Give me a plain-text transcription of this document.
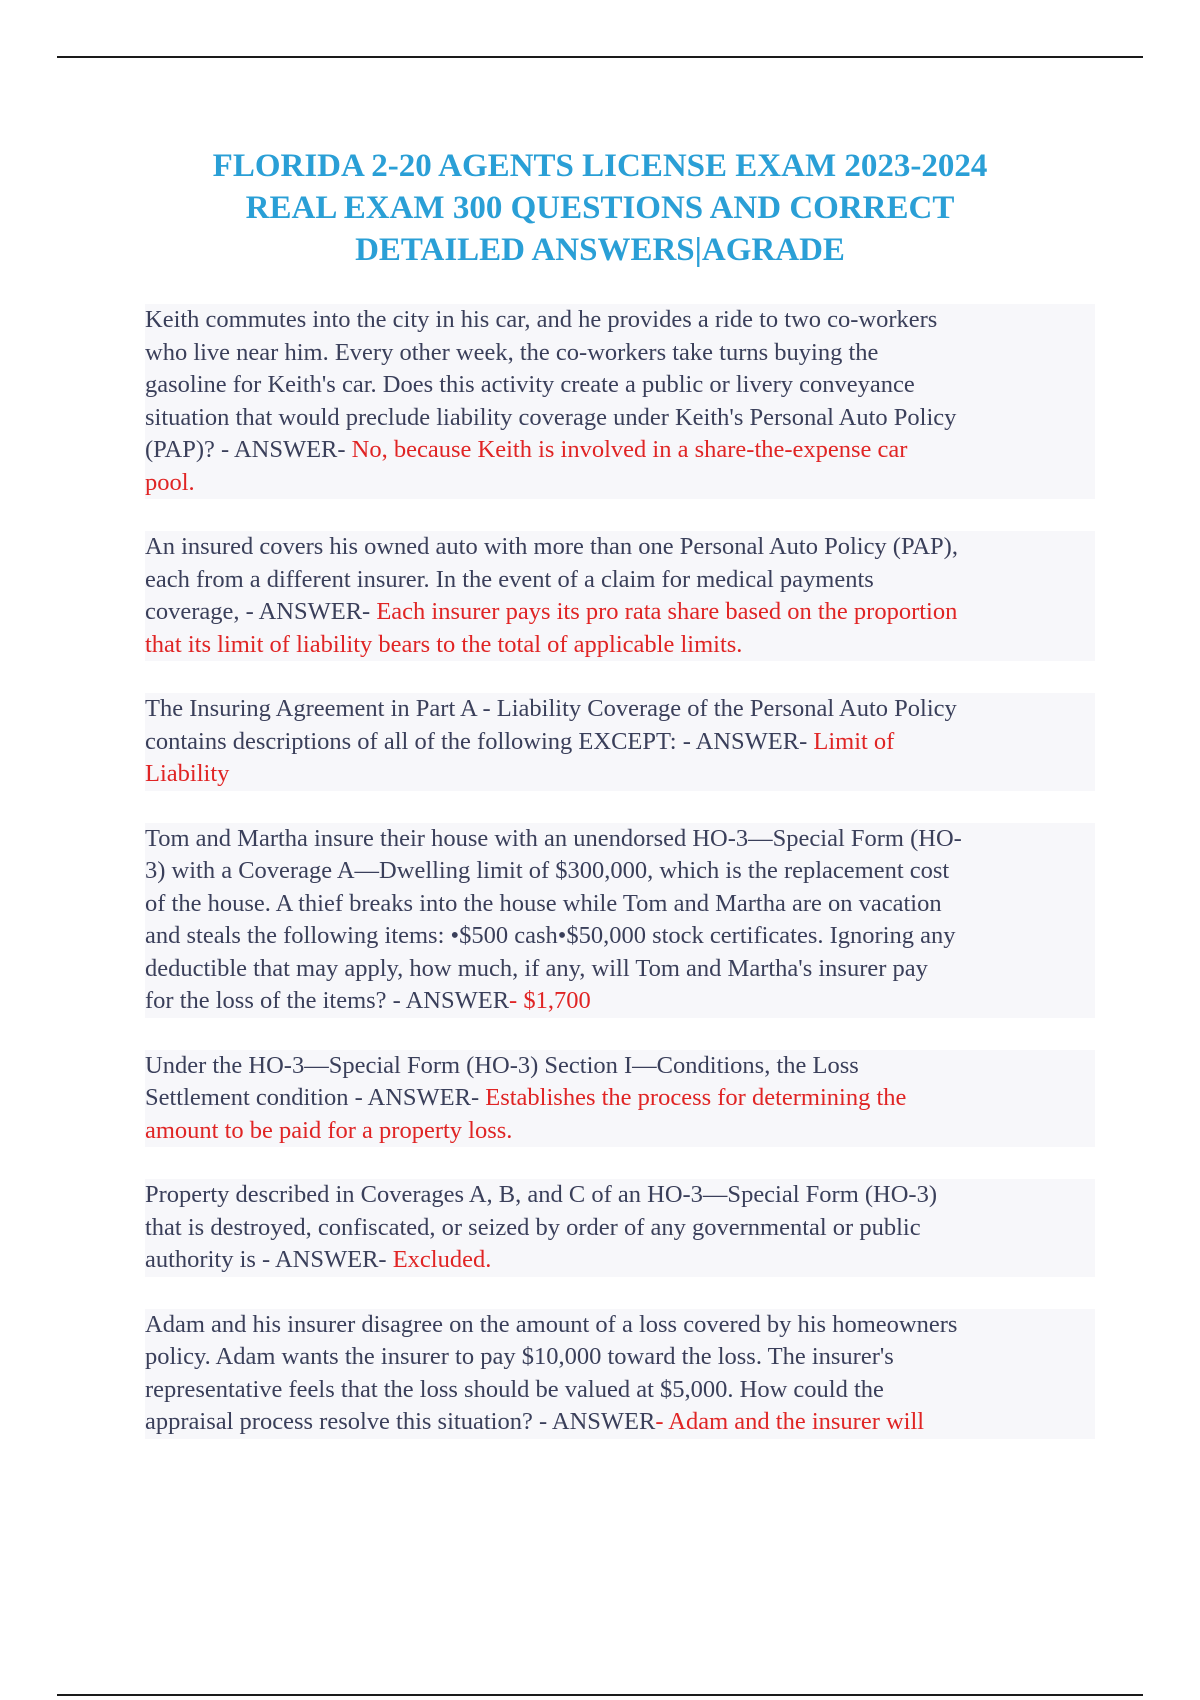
FLORIDA 2-20 AGENTS LICENSE EXAM 2023-2024
REAL EXAM 300 QUESTIONS AND CORRECT
DETAILED ANSWERS|AGRADE
Keith commutes into the city in his car, and he provides a ride to two co-workers
who live near him. Every other week, the co-workers take turns buying the
gasoline for Keith's car. Does this activity create a public or livery conveyance
situation that would preclude liability coverage under Keith's Personal Auto Policy
(PAP)? - ANSWER- No, because Keith is involved in a share-the-expense car
pool.
An insured covers his owned auto with more than one Personal Auto Policy (PAP),
each from a different insurer. In the event of a claim for medical payments
coverage, - ANSWER- Each insurer pays its pro rata share based on the proportion
that its limit of liability bears to the total of applicable limits.
The Insuring Agreement in Part A - Liability Coverage of the Personal Auto Policy
contains descriptions of all of the following EXCEPT: - ANSWER- Limit of
Liability
Tom and Martha insure their house with an unendorsed HO-3—Special Form (HO-
3) with a Coverage A—Dwelling limit of $300,000, which is the replacement cost
of the house. A thief breaks into the house while Tom and Martha are on vacation
and steals the following items: •$500 cash•$50,000 stock certificates. Ignoring any
deductible that may apply, how much, if any, will Tom and Martha's insurer pay
for the loss of the items? - ANSWER- $1,700
Under the HO-3—Special Form (HO-3) Section I—Conditions, the Loss
Settlement condition - ANSWER- Establishes the process for determining the
amount to be paid for a property loss.
Property described in Coverages A, B, and C of an HO-3—Special Form (HO-3)
that is destroyed, confiscated, or seized by order of any governmental or public
authority is - ANSWER- Excluded.
Adam and his insurer disagree on the amount of a loss covered by his homeowners
policy. Adam wants the insurer to pay $10,000 toward the loss. The insurer's
representative feels that the loss should be valued at $5,000. How could the
appraisal process resolve this situation? - ANSWER- Adam and the insurer will
